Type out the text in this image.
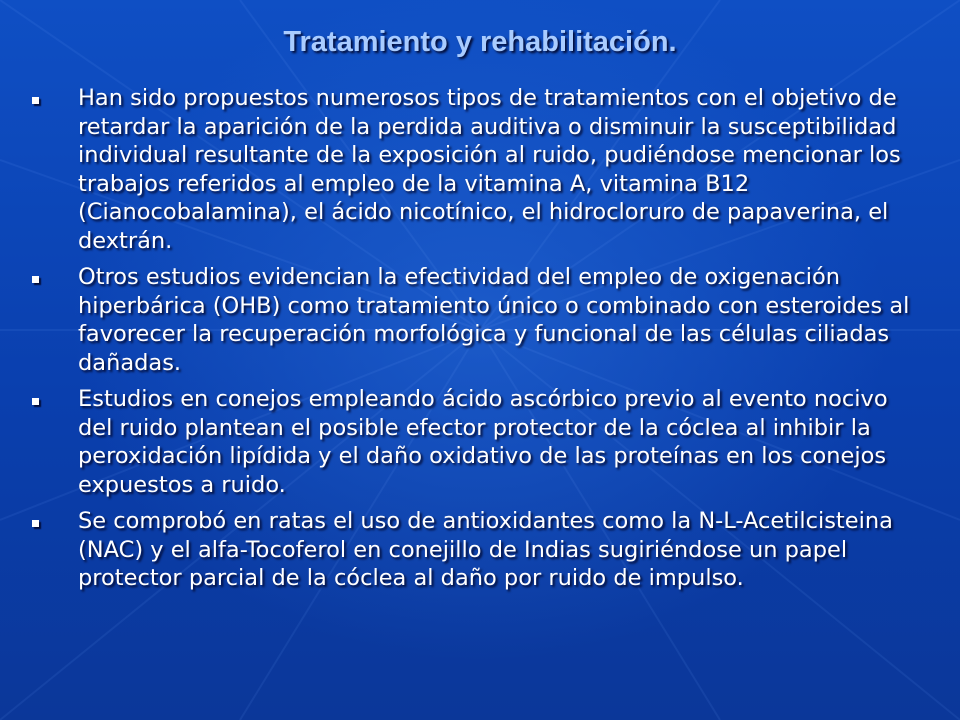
Tratamiento y rehabilitación.
Han sido propuestos numerosos tipos de tratamientos con el objetivo de retardar la aparición de la perdida auditiva o disminuir la susceptibilidad individual resultante de la exposición al ruido, pudiéndose mencionar los trabajos referidos al empleo de la vitamina A, vitamina B12 (Cianocobalamina), el ácido nicotínico, el hidrocloruro de papaverina, el dextrán.
Otros estudios evidencian la efectividad del empleo de oxigenación hiperbárica (OHB) como tratamiento único o combinado con esteroides al favorecer la recuperación morfológica y funcional de las células ciliadas dañadas.
Estudios en conejos empleando ácido ascórbico previo al evento nocivo del ruido plantean el posible efector protector de la cóclea al inhibir la peroxidación lipídida y el daño oxidativo de las proteínas en los conejos expuestos a ruido.
Se comprobó en ratas el uso de antioxidantes como la N-L-Acetilcisteina (NAC) y el alfa-Tocoferol en conejillo de Indias sugiriéndose un papel protector parcial de la cóclea al daño por ruido de impulso.
